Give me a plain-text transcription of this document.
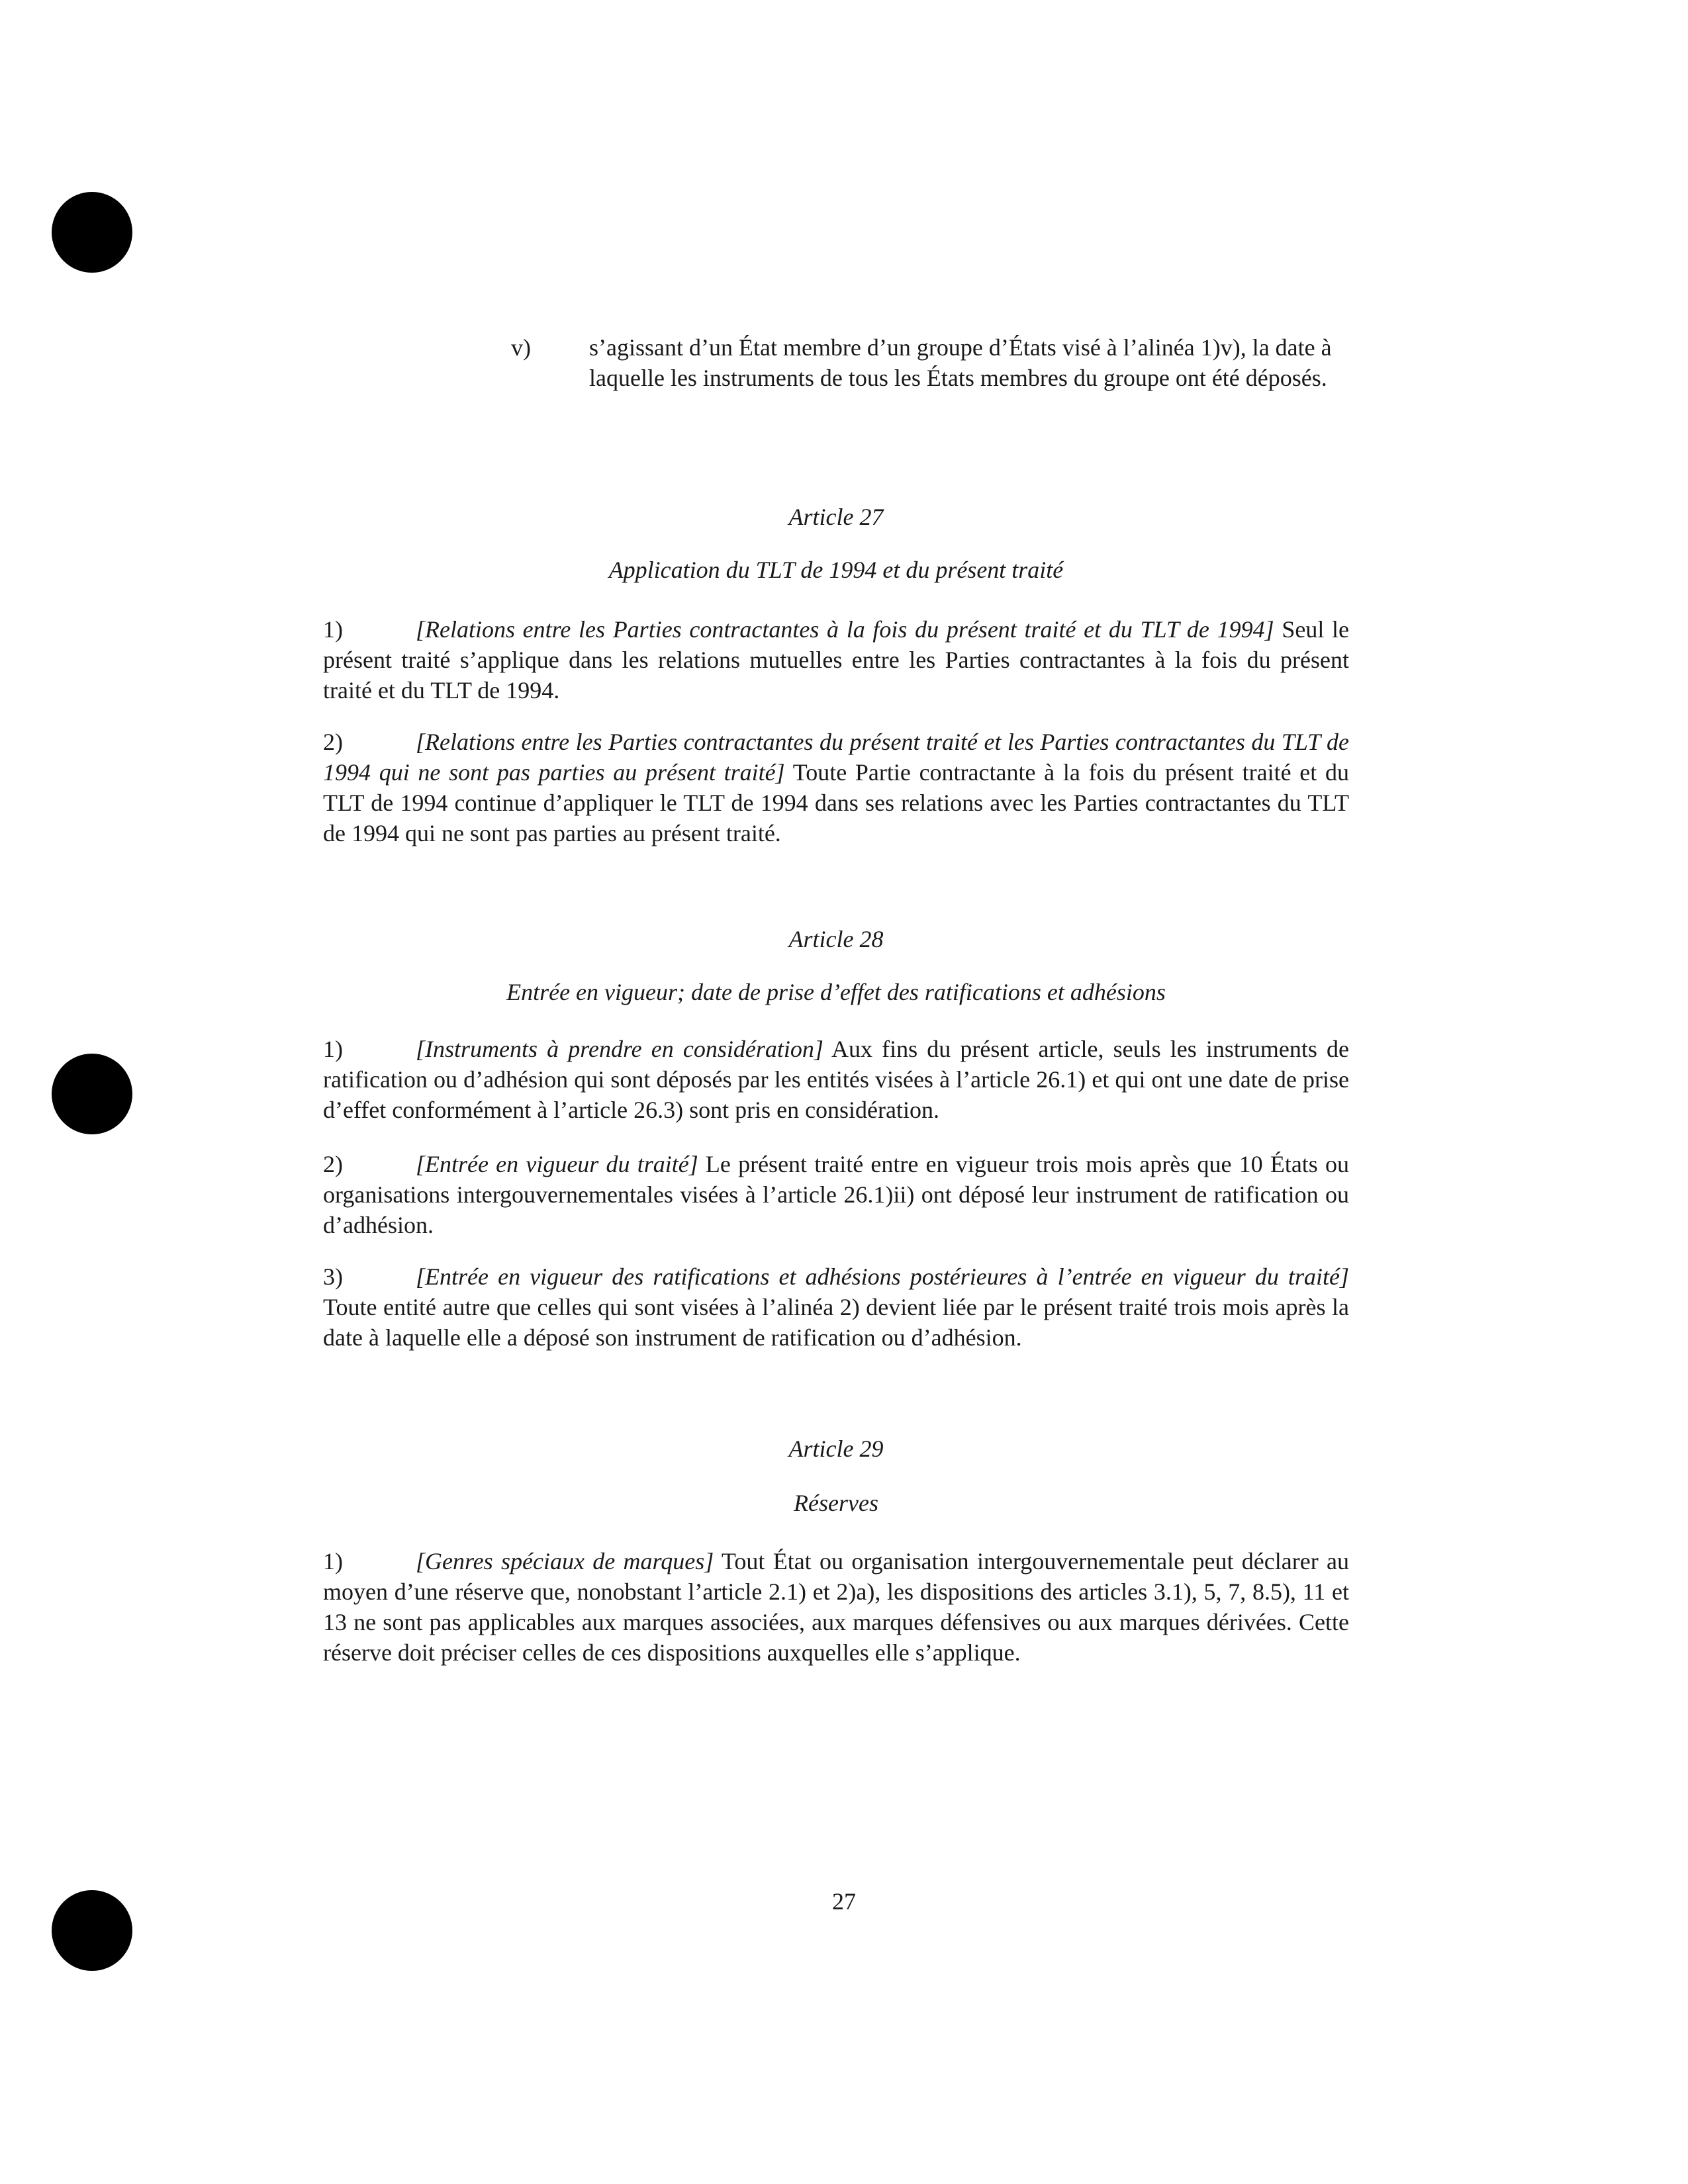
v) s’agissant d’un État membre d’un groupe d’États visé à l’alinéa 1)v), la date à laquelle les instruments de tous les États membres du groupe ont été déposés.
Article 27
Application du TLT de 1994 et du présent traité

1)	[Relations entre les Parties contractantes à la fois du présent traité et du TLT de 1994] Seul le présent traité s’applique dans les relations mutuelles entre les Parties contractantes à la fois du présent traité et du TLT de 1994.

2)	[Relations entre les Parties contractantes du présent traité et les Parties contractantes du TLT de 1994 qui ne sont pas parties au présent traité] Toute Partie contractante à la fois du présent traité et du TLT de 1994 continue d’appliquer le TLT de 1994 dans ses relations avec les Parties contractantes du TLT de 1994 qui ne sont pas parties au présent traité.

Article 28
Entrée en vigueur; date de prise d’effet des ratifications et adhésions

1)	[Instruments à prendre en considération] Aux fins du présent article, seuls les instruments de ratification ou d’adhésion qui sont déposés par les entités visées à l’article 26.1) et qui ont une date de prise d’effet conformément à l’article 26.3) sont pris en considération.

2)	[Entrée en vigueur du traité] Le présent traité entre en vigueur trois mois après que 10 États ou organisations intergouvernementales visées à l’article 26.1)ii) ont déposé leur instrument de ratification ou d’adhésion.

3)	[Entrée en vigueur des ratifications et adhésions postérieures à l’entrée en vigueur du traité] Toute entité autre que celles qui sont visées à l’alinéa 2) devient liée par le présent traité trois mois après la date à laquelle elle a déposé son instrument de ratification ou d’adhésion.

Article 29
Réserves

1)	[Genres spéciaux de marques] Tout État ou organisation intergouvernementale peut déclarer au moyen d’une réserve que, nonobstant l’article 2.1) et 2)a), les dispositions des articles 3.1), 5, 7, 8.5), 11 et 13 ne sont pas applicables aux marques associées, aux marques défensives ou aux marques dérivées. Cette réserve doit préciser celles de ces dispositions auxquelles elle s’applique.

27
